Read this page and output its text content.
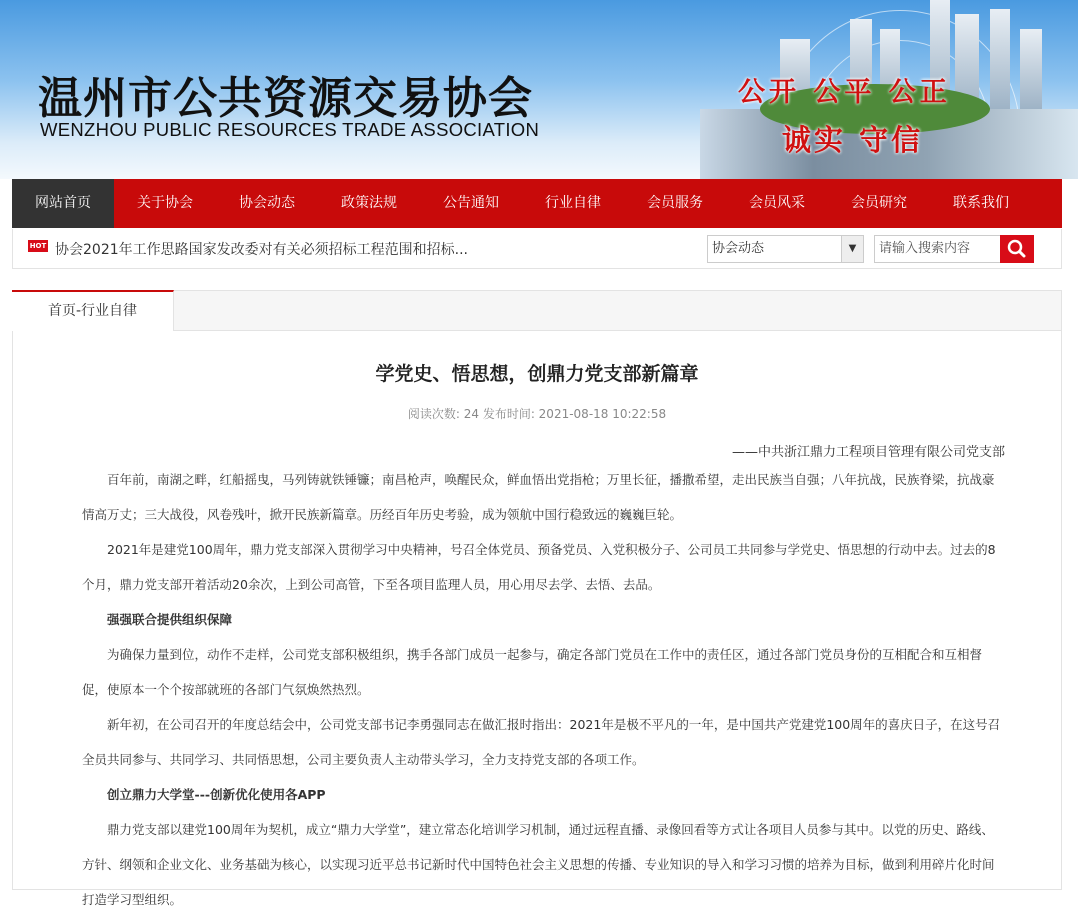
温州市公共资源交易协会
WENZHOU PUBLIC RESOURCES TRADE ASSOCIATION
公开 公平 公正
诚实 守信
网站首页	关于协会	协会动态	政策法规	公告通知	行业自律	会员服务	会员风采	会员研究	联系我们
HOT 协会2021年工作思路国家发改委对有关必须招标工程范围和招标...	协会动态	▼	请输入搜索内容
首页-行业自律
学党史、悟思想，创鼎力党支部新篇章
阅读次数: 24 发布时间: 2021-08-18 10:22:58
——中共浙江鼎力工程项目管理有限公司党支部

百年前，南湖之畔，红船摇曳，马列铸就铁锤镰；南昌枪声，唤醒民众，鲜血悟出党指枪；万里长征，播撒希望，走出民族当自强；八年抗战，民族脊梁，抗战豪情高万丈；三大战役，风卷残叶，掀开民族新篇章。历经百年历史考验，成为领航中国行稳致远的巍巍巨轮。

2021年是建党100周年，鼎力党支部深入贯彻学习中央精神，号召全体党员、预备党员、入党积极分子、公司员工共同参与学党史、悟思想的行动中去。过去的8个月，鼎力党支部开着活动20余次，上到公司高管，下至各项目监理人员，用心用尽去学、去悟、去品。

强强联合提供组织保障

为确保力量到位，动作不走样，公司党支部积极组织，携手各部门成员一起参与，确定各部门党员在工作中的责任区，通过各部门党员身份的互相配合和互相督促，使原本一个个按部就班的各部门气氛焕然热烈。

新年初，在公司召开的年度总结会中，公司党支部书记李勇强同志在做汇报时指出：2021年是极不平凡的一年，是中国共产党建党100周年的喜庆日子，在这号召全员共同参与、共同学习、共同悟思想，公司主要负责人主动带头学习，全力支持党支部的各项工作。

创立鼎力大学堂---创新优化使用各APP

鼎力党支部以建党100周年为契机，成立“鼎力大学堂”，建立常态化培训学习机制，通过远程直播、录像回看等方式让各项目人员参与其中。以党的历史、路线、方针、纲领和企业文化、业务基础为核心，以实现习近平总书记新时代中国特色社会主义思想的传播、专业知识的导入和学习习惯的培养为目标，做到利用碎片化时间打造学习型组织。
